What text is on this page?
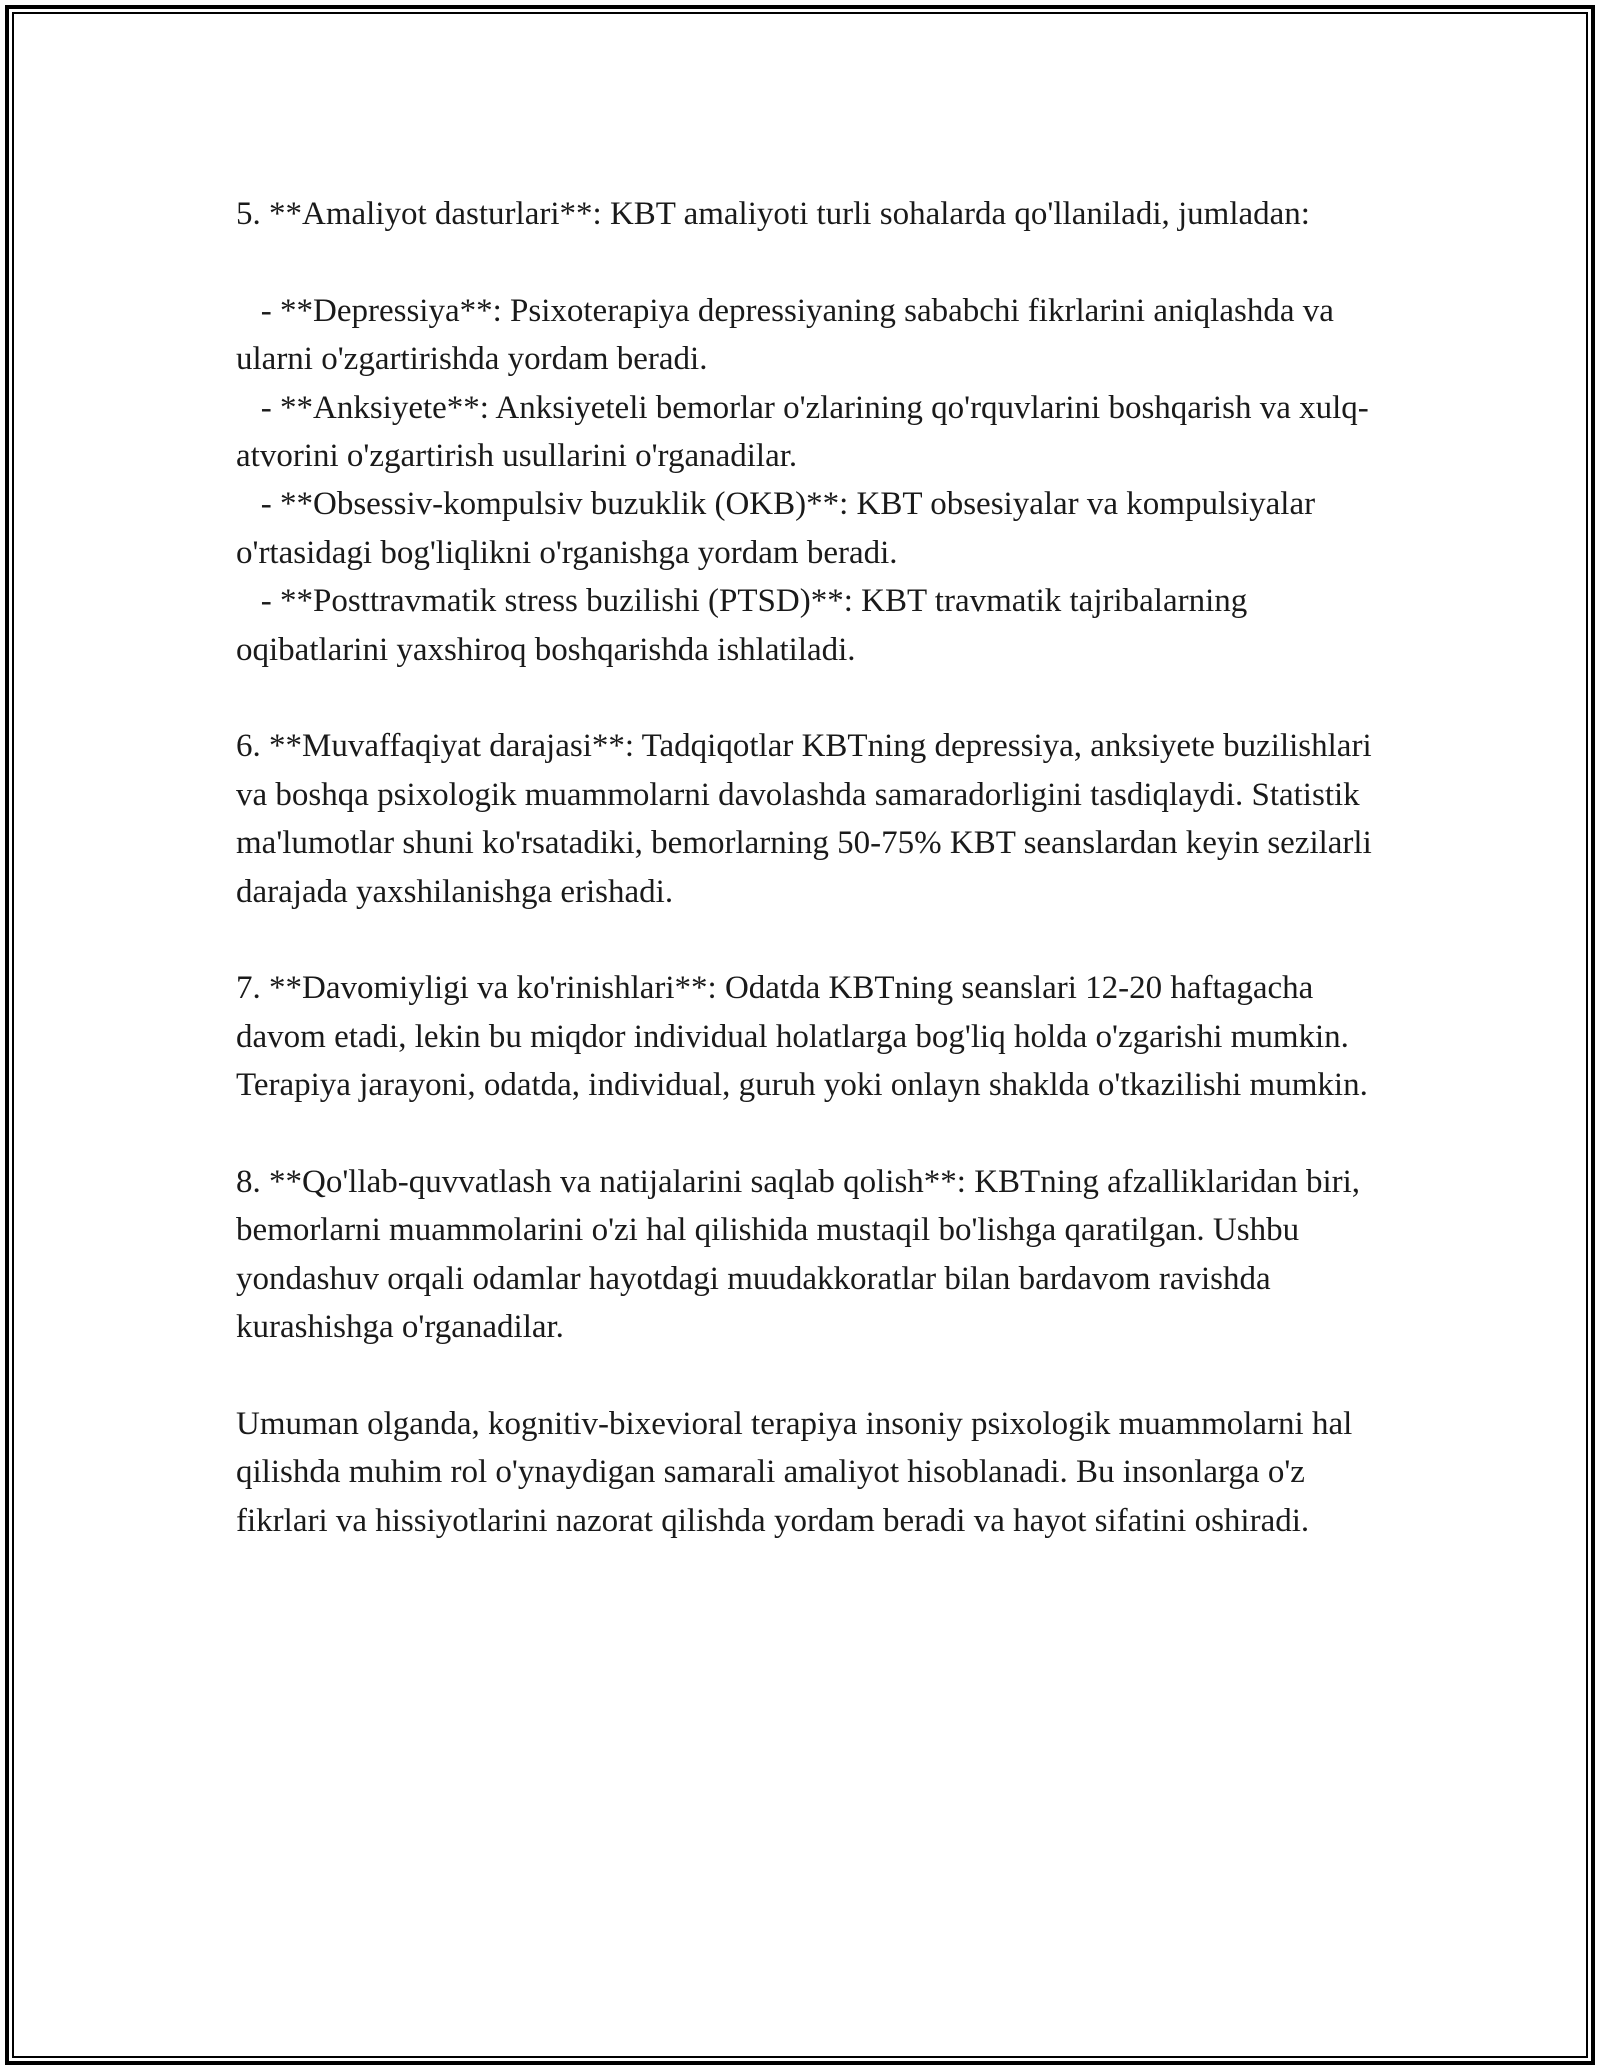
5. **Amaliyot dasturlari**: KBT amaliyoti turli sohalarda qo'llaniladi, jumladan:

- **Depressiya**: Psixoterapiya depressiyaning sababchi fikrlarini aniqlashda va ularni o'zgartirishda yordam beradi.

- **Anksiyete**: Anksiyeteli bemorlar o'zlarining qo'rquvlarini boshqarish va xulq-atvorini o'zgartirish usullarini o'rganadilar.

- **Obsessiv-kompulsiv buzuklik (OKB)**: KBT obsesiyalar va kompulsiyalar o'rtasidagi bog'liqlikni o'rganishga yordam beradi.

- **Posttravmatik stress buzilishi (PTSD)**: KBT travmatik tajribalarning oqibatlarini yaxshiroq boshqarishda ishlatiladi.

6. **Muvaffaqiyat darajasi**: Tadqiqotlar KBTning depressiya, anksiyete buzilishlari va boshqa psixologik muammolarni davolashda samaradorligini tasdiqlaydi. Statistik ma'lumotlar shuni ko'rsatadiki, bemorlarning 50-75% KBT seanslardan keyin sezilarli darajada yaxshilanishga erishadi.

7. **Davomiyligi va ko'rinishlari**: Odatda KBTning seanslari 12-20 haftagacha davom etadi, lekin bu miqdor individual holatlarga bog'liq holda o'zgarishi mumkin. Terapiya jarayoni, odatda, individual, guruh yoki onlayn shaklda o'tkazilishi mumkin.

8. **Qo'llab-quvvatlash va natijalarini saqlab qolish**: KBTning afzalliklaridan biri, bemorlarni muammolarini o'zi hal qilishida mustaqil bo'lishga qaratilgan. Ushbu yondashuv orqali odamlar hayotdagi muudakkoratlar bilan bardavom ravishda kurashishga o'rganadilar.

Umuman olganda, kognitiv-bixevioral terapiya insoniy psixologik muammolarni hal qilishda muhim rol o'ynaydigan samarali amaliyot hisoblanadi. Bu insonlarga o'z fikrlari va hissiyotlarini nazorat qilishda yordam beradi va hayot sifatini oshiradi.
